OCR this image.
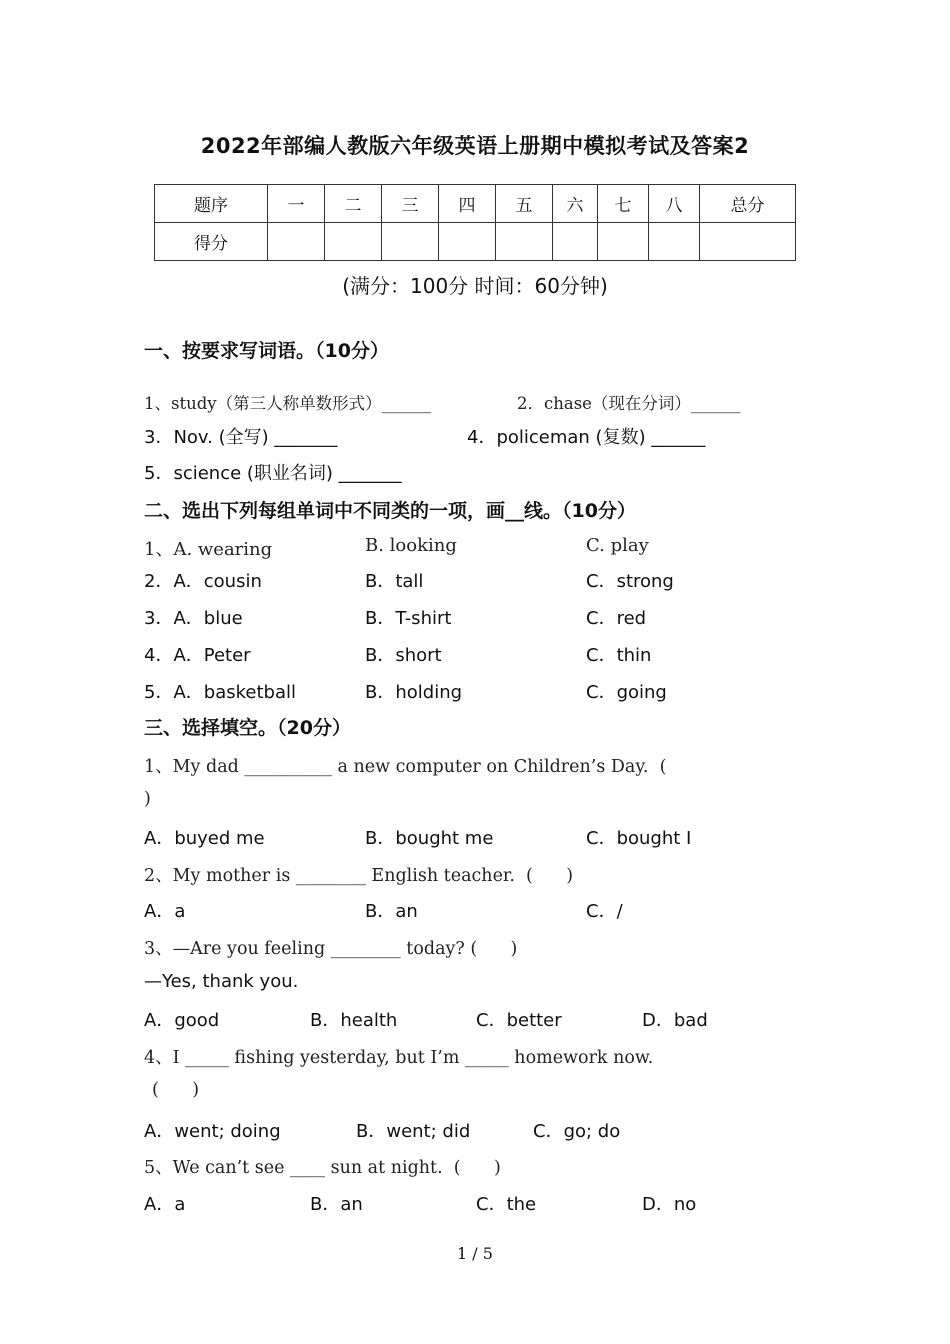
2022年部编人教版六年级英语上册期中模拟考试及答案2
题序	一	二	三	四	五	六	七	八	总分
得分									
(满分：100分 时间：60分钟)
一、按要求写词语。（10分）
1、study（第三人称单数形式）______	2．chase（现在分词）______
3．Nov. (全写) _______	4．policeman (复数) ______
5．science (职业名词) _______
二、选出下列每组单词中不同类的一项，画__线。（10分）
1、A. wearing	B. looking	C. play
2．A．cousin	B．tall	C．strong
3．A．blue	B．T-shirt	C．red
4．A．Peter	B．short	C．thin
5．A．basketball	B．holding	C．going
三、选择填空。（20分）
1、My dad __________ a new computer on Children’s Day.  (
)
A．buyed me	B．bought me	C．bought I
2、My mother is ________ English teacher.  (      )
A．a	B．an	C．/
3、—Are you feeling ________ today? (      )
—Yes, thank you.
A．good	B．health	C．better	D．bad
4、I _____ fishing yesterday, but I’m _____ homework now.
(      )
A．went; doing	B．went; did	C．go; do
5、We can’t see ____ sun at night.  (      )
A．a	B．an	C．the	D．no
1 / 5
